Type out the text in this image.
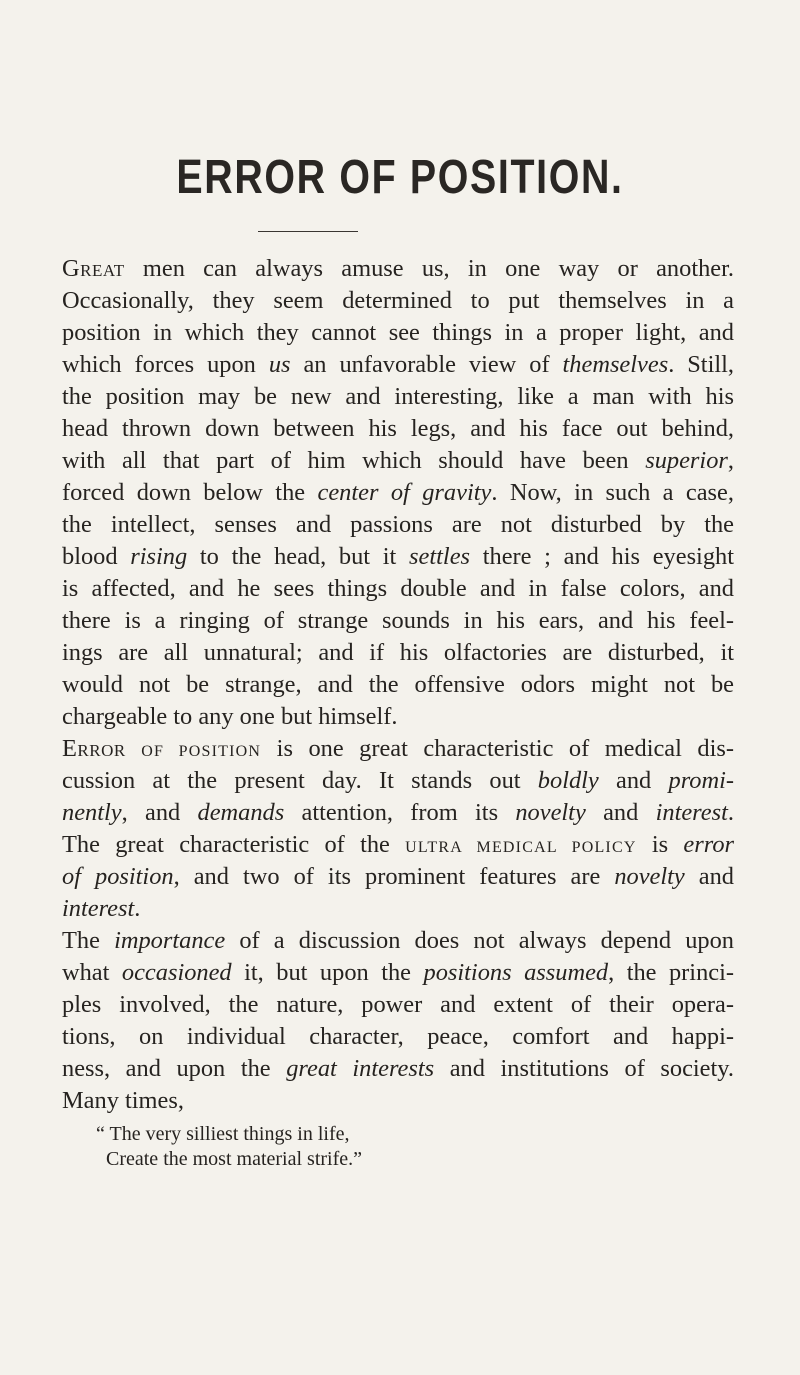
ERROR OF POSITION.
Great men can always amuse us, in one way or another.
Occasionally, they seem determined to put themselves in a
position in which they cannot see things in a proper light, and
which forces upon us an unfavorable view of themselves. Still,
the position may be new and interesting, like a man with his
head thrown down between his legs, and his face out behind,
with all that part of him which should have been superior,
forced down below the center of gravity. Now, in such a case,
the intellect, senses and passions are not disturbed by the
blood rising to the head, but it settles there ; and his eyesight
is affected, and he sees things double and in false colors, and
there is a ringing of strange sounds in his ears, and his feel-
ings are all unnatural; and if his olfactories are disturbed, it
would not be strange, and the offensive odors might not be
chargeable to any one but himself.
Error OF POSITION is one great characteristic of medical dis-
cussion at the present day. It stands out boldly and promi-
nently, and demands attention, from its novelty and interest.
The great characteristic of the ULTRA MEDICAL POLICY is error
of position, and two of its prominent features are novelty and
interest.
The importance of a discussion does not always depend upon
what occasioned it, but upon the positions assumed, the princi-
ples involved, the nature, power and extent of their opera-
tions, on individual character, peace, comfort and happi-
ness, and upon the great interests and institutions of society.
Many times,
“ The very silliest things in life,
Create the most material strife.”
